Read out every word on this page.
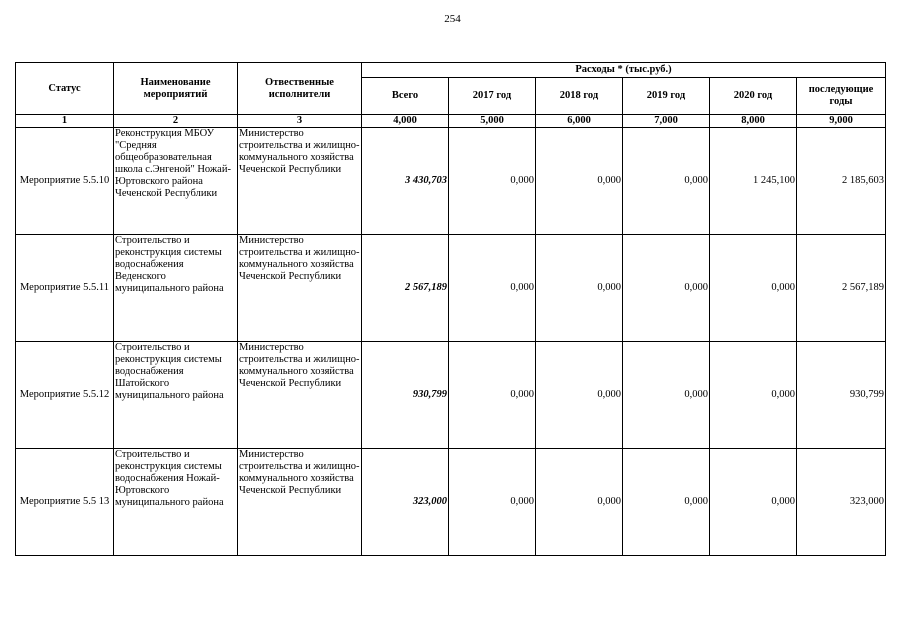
254
Статус	Наименование мероприятий	Отвественные исполнители	Расходы * (тыс.руб.)					
			Всего	2017 год	2018 год	2019 год	2020 год	последующие годы

1	2	3	4,000	5,000	6,000	7,000	8,000	9,000
Мероприятие 5.5.10	Реконструкция МБОУ "Средняя общеобразовательная школа с.Энгеной" Ножай-Юртовского района Чеченской Республики	Министерство строительства и жилищно-коммунального хозяйства Чеченской Республики	3 430,703	0,000	0,000	0,000	1 245,100	2 185,603
Мероприятие 5.5.11	Строительство и реконструкция системы водоснабжения Веденского муниципального района	Министерство строительства и жилищно-коммунального хозяйства Чеченской Республики	2 567,189	0,000	0,000	0,000	0,000	2 567,189
Мероприятие 5.5.12	Строительство и реконструкция системы водоснабжения Шатойского муниципального района	Министерство строительства и жилищно-коммунального хозяйства Чеченской Республики	930,799	0,000	0,000	0,000	0,000	930,799
Мероприятие 5.5 13	Строительство и реконструкция системы водоснабжения Ножай-Юртовского муниципального района	Министерство строительства и жилищно-коммунального хозяйства Чеченской Республики	323,000	0,000	0,000	0,000	0,000	323,000
